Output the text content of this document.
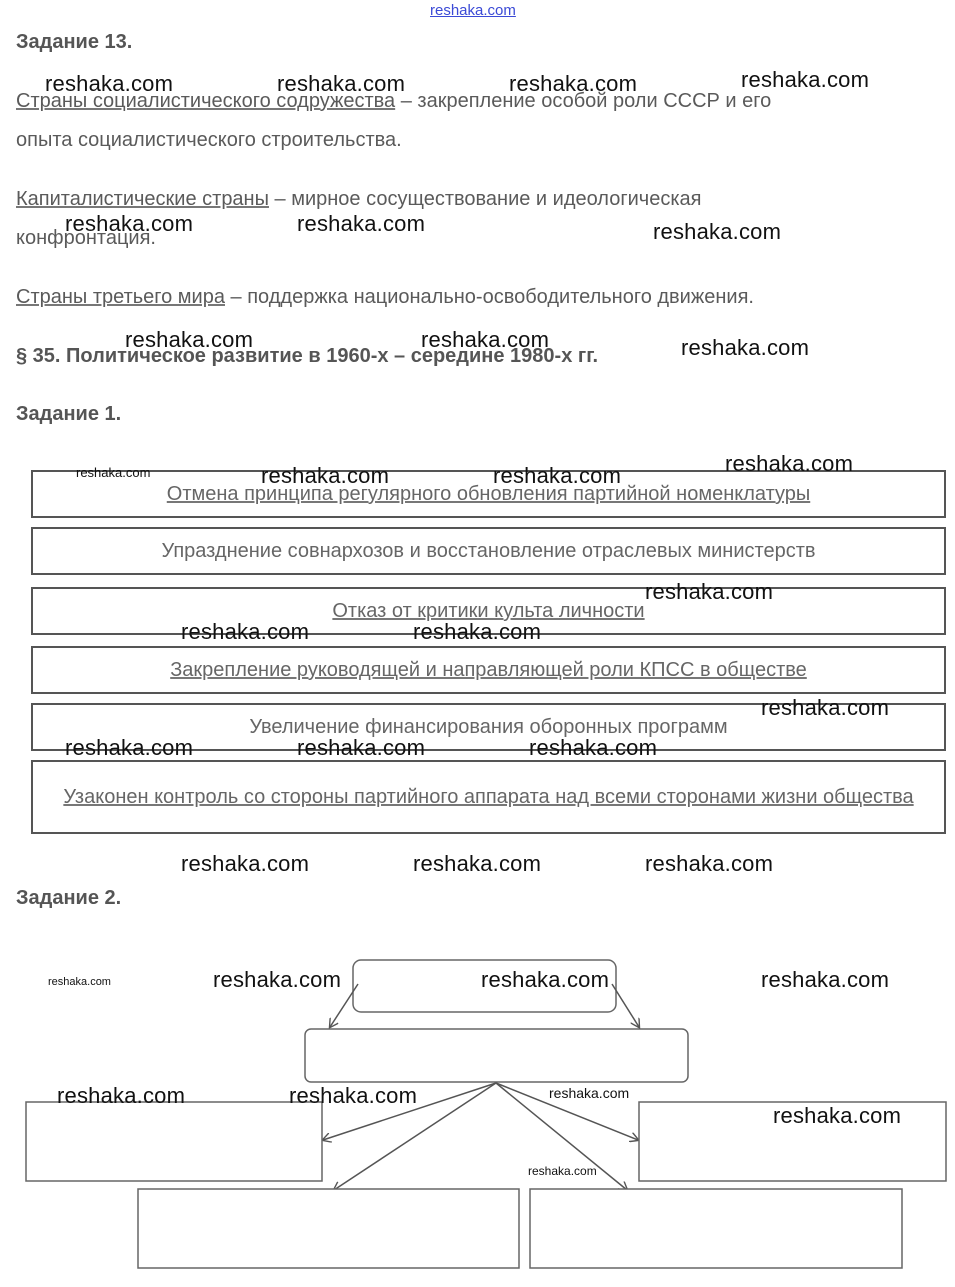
reshaka.com
Задание 13.
Страны социалистического содружества – закрепление особой роли СССР и его
опыта социалистического строительства.
Капиталистические страны – мирное сосуществование и идеологическая
конфронтация.
Страны третьего мира – поддержка национально-освободительного движения.
§ 35. Политическое развитие в 1960-х – середине 1980-х гг.
Задание 1.
Отмена принципа регулярного обновления партийной номенклатуры
Упразднение совнархозов и восстановление отраслевых министерств
Отказ от критики культа личности
Закрепление руководящей и направляющей роли КПСС в обществе
Увеличение финансирования оборонных программ
Узаконен контроль со стороны партийного аппарата над всеми сторонами жизни общества
Задание 2.
reshaka.com	reshaka.com	reshaka.com	reshaka.com
reshaka.com	reshaka.com	reshaka.com
reshaka.com	reshaka.com	reshaka.com
reshaka.com	reshaka.com	reshaka.com	reshaka.com
reshaka.com
reshaka.com	reshaka.com
reshaka.com
reshaka.com	reshaka.com	reshaka.com
reshaka.com	reshaka.com	reshaka.com
reshaka.com	reshaka.com	reshaka.com	reshaka.com
reshaka.com	reshaka.com	reshaka.com
reshaka.com
reshaka.com
